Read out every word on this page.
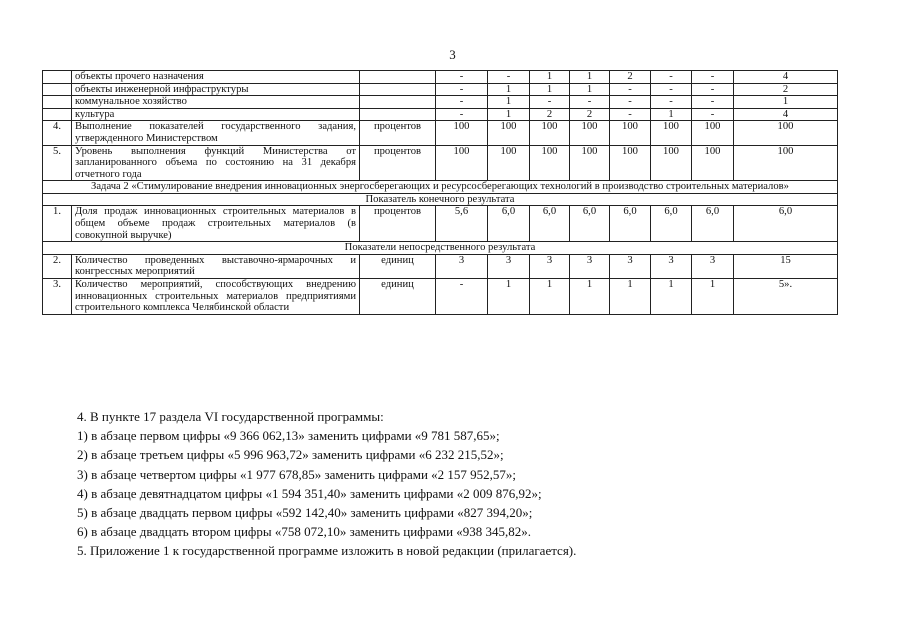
3
	объекты прочего назначения		-	-	1	1	2	-	-	4
	объекты инженерной инфраструктуры		-	1	1	1	-	-	-	2
	коммунальное хозяйство		-	1	-	-	-	-	-	1
	культура		-	1	2	2	-	1	-	4
4.	Выполнение показателей государственного задания, утвержденного Министерством	процентов	100	100	100	100	100	100	100	100
5.	Уровень выполнения функций Министерства от запланированного объема по состоянию на 31 декабря отчетного года	процентов	100	100	100	100	100	100	100	100
Задача 2 «Стимулирование внедрения инновационных энергосберегающих и ресурсосберегающих технологий в производство строительных материалов»										
Показатель конечного результата										
1.	Доля продаж инновационных строительных материалов в общем объеме продаж строительных материалов (в совокупной выручке)	процентов	5,6	6,0	6,0	6,0	6,0	6,0	6,0	6,0
Показатели непосредственного результата										
2.	Количество проведенных выставочно-ярмарочных и конгрессных мероприятий	единиц	3	3	3	3	3	3	3	15
3.	Количество мероприятий, способствующих внедрению инновационных строительных материалов предприятиями строительного комплекса Челябинской области	единиц	-	1	1	1	1	1	1	5».
4. В пункте 17 раздела VI государственной программы:
1) в абзаце первом цифры «9 366 062,13» заменить цифрами «9 781 587,65»;
2) в абзаце третьем цифры «5 996 963,72» заменить цифрами «6 232 215,52»;
3) в абзаце четвертом цифры «1 977 678,85» заменить цифрами «2 157 952,57»;
4) в абзаце девятнадцатом цифры «1 594 351,40» заменить цифрами «2 009 876,92»;
5) в абзаце двадцать первом цифры «592 142,40» заменить цифрами «827 394,20»;
6) в абзаце двадцать втором цифры «758 072,10» заменить цифрами «938 345,82».
5. Приложение 1 к государственной программе изложить в новой редакции (прилагается).
